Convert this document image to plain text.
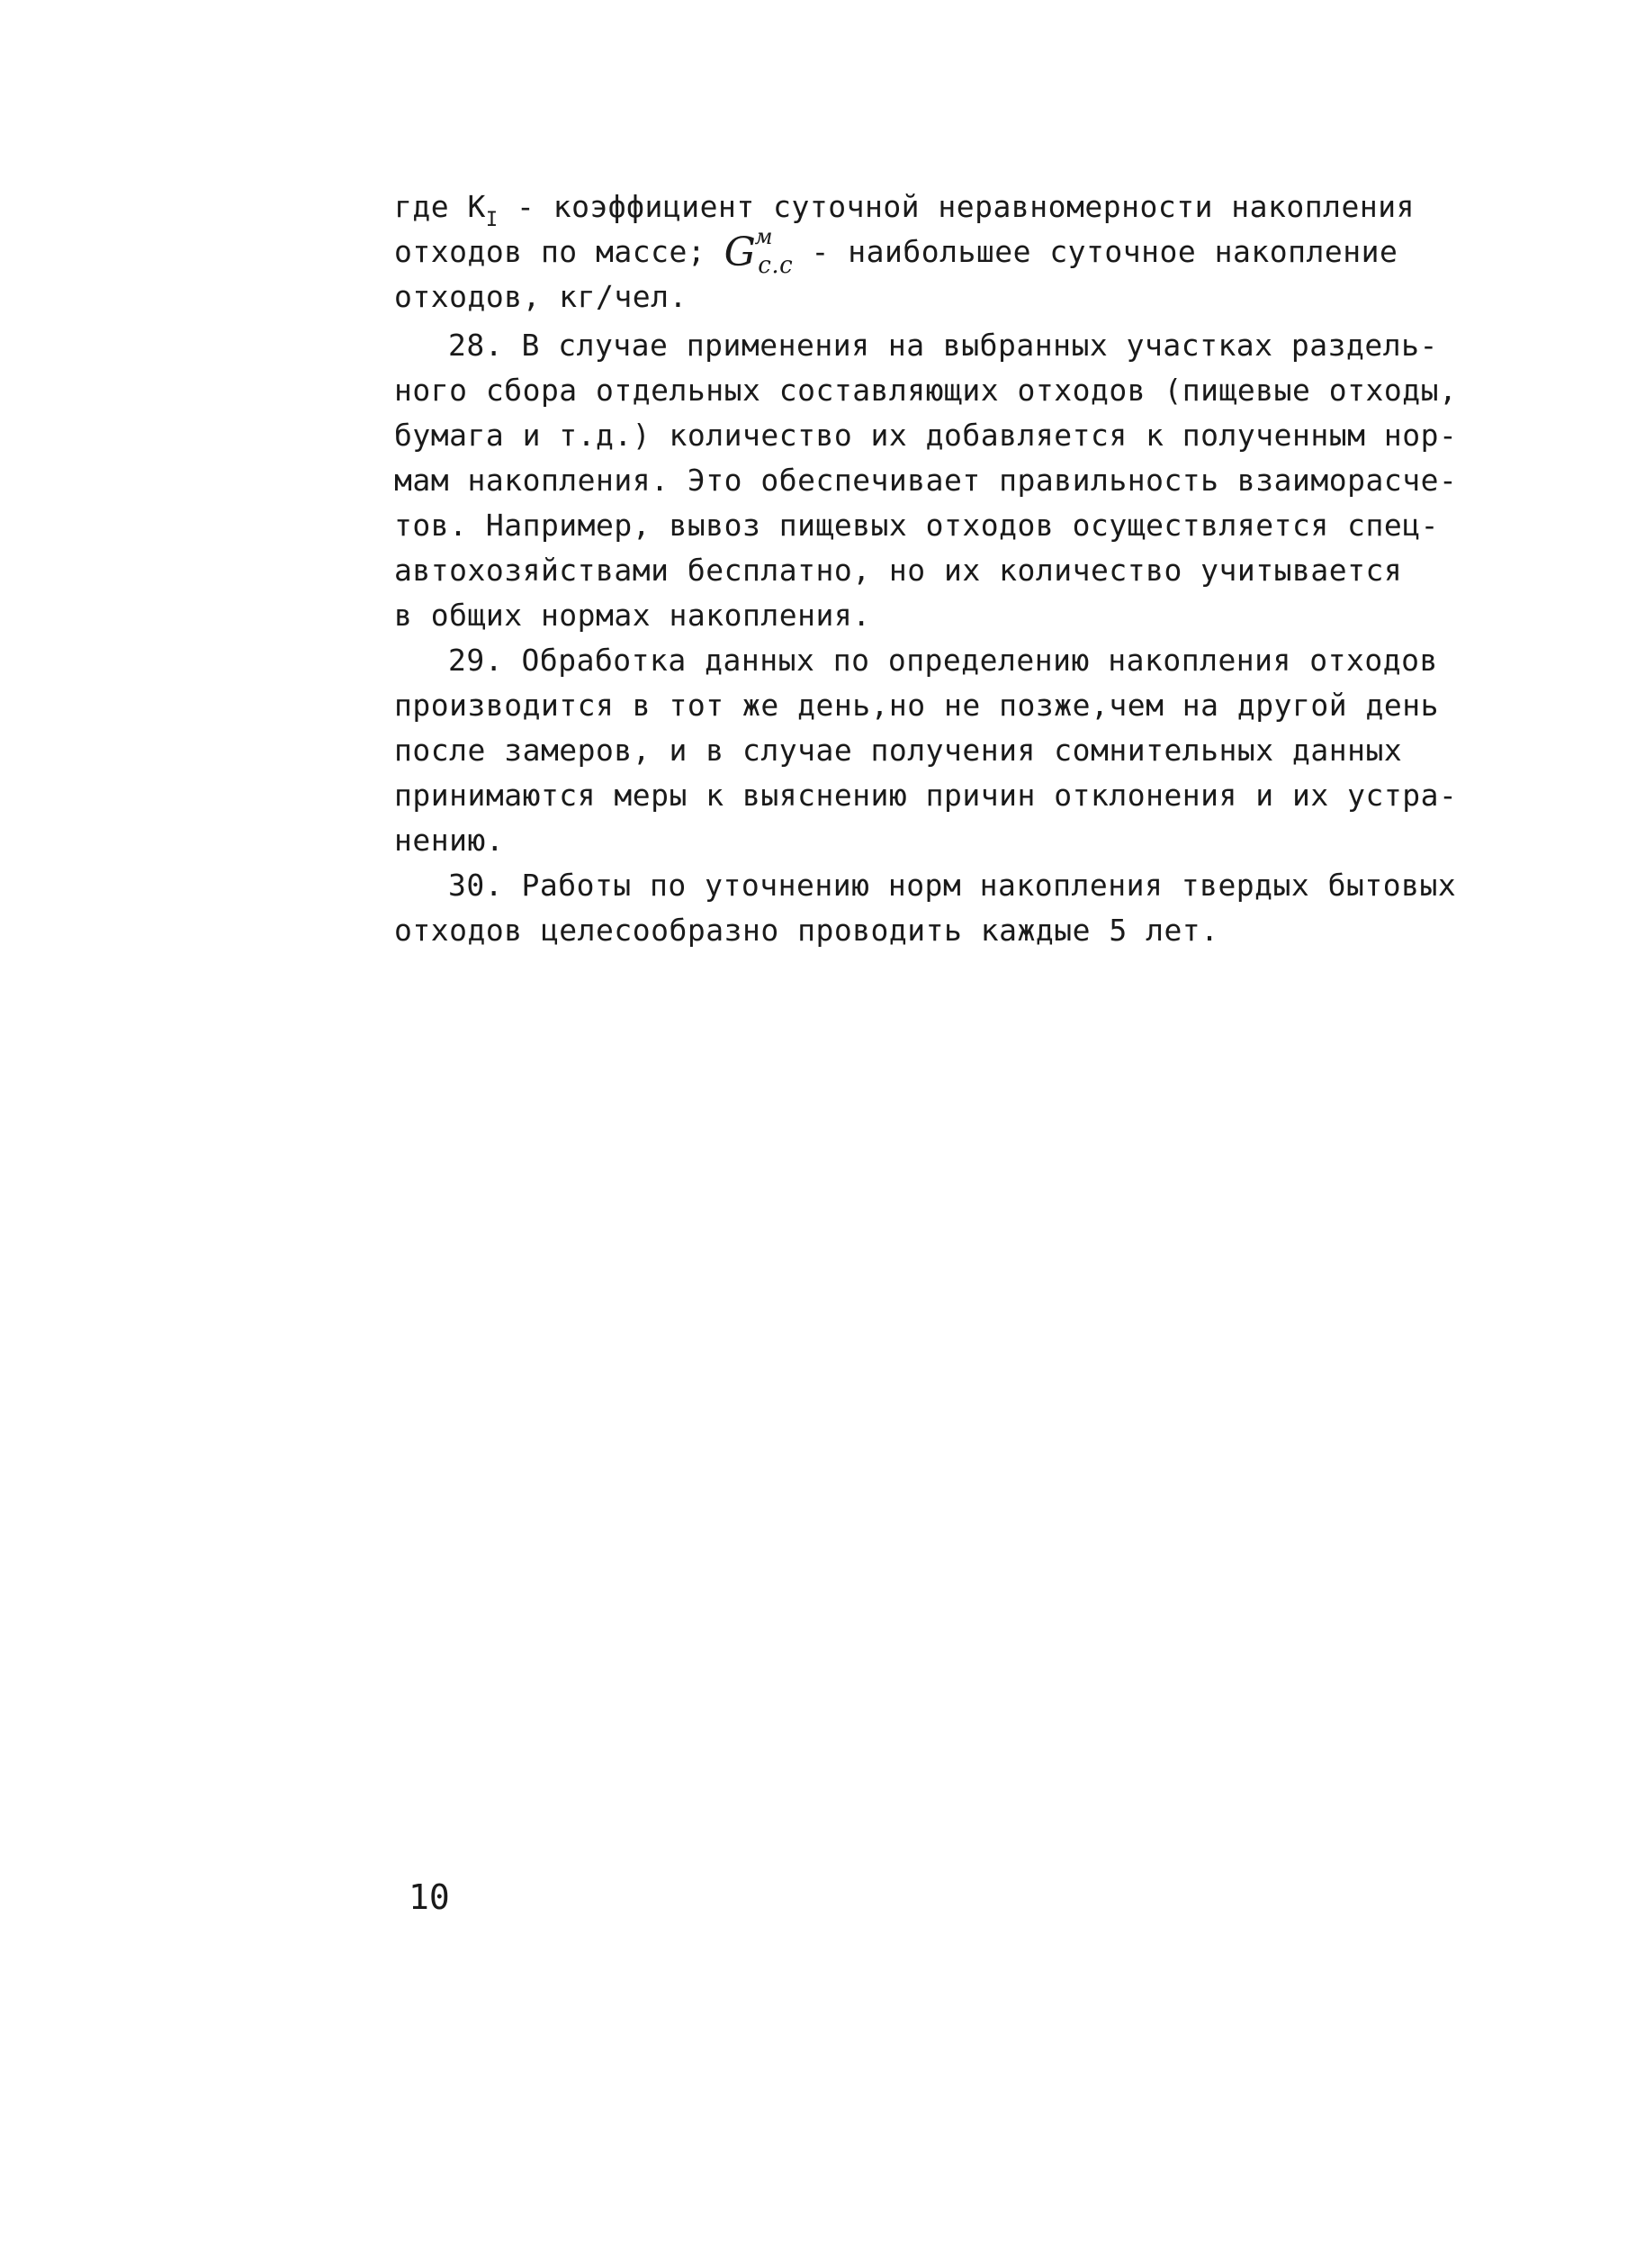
где $К_I$ - коэффициент суточной неравномерности накопления
отходов по массе; G
м
с.с - наибольшее суточное накопление
отходов, кг/чел.
28. В случае применения на выбранных участках раздель-
ного сбора отдельных составляющих отходов (пищевые отходы,
бумага и т.д.) количество их добавляется к полученным нор-
мам накопления. Это обеспечивает правильность взаиморасче-
тов. Например, вывоз пищевых отходов осуществляется спец-
автохозяйствами бесплатно, но их количество учитывается
в общих нормах накопления.
29. Обработка данных по определению накопления отходов
производится в тот же день,но не позже,чем на другой день
после замеров, и в случае получения сомнительных данных
принимаются меры к выяснению причин отклонения и их устра-
нению.
30. Работы по уточнению норм накопления твердых бытовых
отходов целесообразно проводить каждые 5 лет.
10
